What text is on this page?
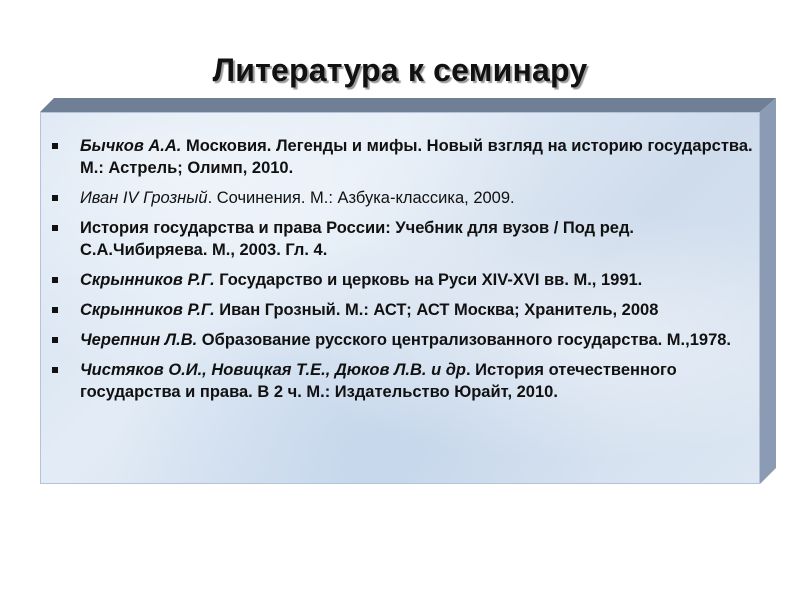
Литература к семинару
Бычков А.А. Московия. Легенды и мифы. Новый взгляд на историю государства. М.: Астрель; Олимп, 2010.
Иван IV Грозный. Сочинения. М.: Азбука-классика, 2009.
История государства и права России: Учебник для вузов / Под ред. С.А.Чибиряева. М., 2003. Гл. 4.
Скрынников Р.Г. Государство и церковь на Руси XIV-XVI вв. М., 1991.
Скрынников Р.Г. Иван Грозный. М.: АСТ; АСТ Москва; Хранитель, 2008
Черепнин Л.В. Образование русского централизованного государства. М.,1978.
Чистяков О.И., Новицкая Т.Е., Дюков Л.В. и др. История отечественного государства и права. В 2 ч. М.: Издательство Юрайт, 2010.
